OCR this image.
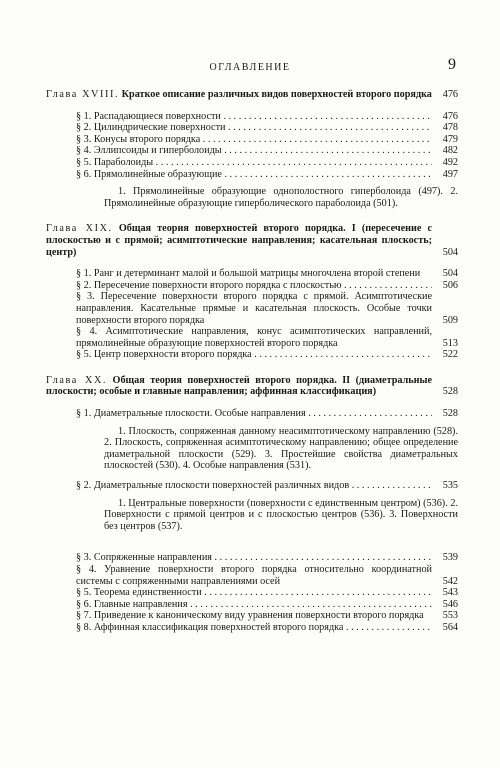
ОГЛАВЛЕНИЕ	9
Глава XVIII. Краткое описание различных видов поверхностей второго порядка	476
§ 1. Распадающиеся поверхности . . .	476
§ 2. Цилиндрические поверхности . . .	478
§ 3. Конусы второго порядка . . .	479
§ 4. Эллипсоиды и гиперболоиды . . .	482
§ 5. Параболоиды . . .	492
§ 6. Прямолинейные образующие . . .	497
1. Прямолинейные образующие однополостного гиперболоида (497). 2. Прямолинейные образующие гиперболического параболоида (501).
Глава XIX. Общая теория поверхностей второго порядка. I (пересечение с плоскостью и с прямой; асимптотические направления; касательная плоскость; центр)	504
§ 1. Ранг и детерминант малой и большой матрицы многочлена второй степени	504
§ 2. Пересечение поверхности второго порядка с плоскостью . . .	506
§ 3. Пересечение поверхности второго порядка с прямой. Асимптотические направления. Касательные прямые и касательная плоскость. Особые точки поверхности второго порядка	509
§ 4. Асимптотические направления, конус асимптотических направлений, прямолинейные образующие поверхностей второго порядка	513
§ 5. Центр поверхности второго порядка . . .	522
Глава XX. Общая теория поверхностей второго порядка. II (диаметральные плоскости; особые и главные направления; аффинная классификация)	528
§ 1. Диаметральные плоскости. Особые направления . . .	528
1. Плоскость, сопряженная данному неасимптотическому направлению (528). 2. Плоскость, сопряженная асимптотическому направлению; общее определение диаметральной плоскости (529). 3. Простейшие свойства диаметральных плоскостей (530). 4. Особые направления (531).
§ 2. Диаметральные плоскости поверхностей различных видов . . .	535
1. Центральные поверхности (поверхности с единственным центром) (536). 2. Поверхности с прямой центров и с плоскостью центров (536). 3. Поверхности без центров (537).
§ 3. Сопряженные направления . . .	539
§ 4. Уравнение поверхности второго порядка относительно координатной системы с сопряженными направлениями осей	542
§ 5. Теорема единственности . . .	543
§ 6. Главные направления . . .	546
§ 7. Приведение к каноническому виду уравнения поверхности второго порядка	553
§ 8. Аффинная классификация поверхностей второго порядка . . .	564
